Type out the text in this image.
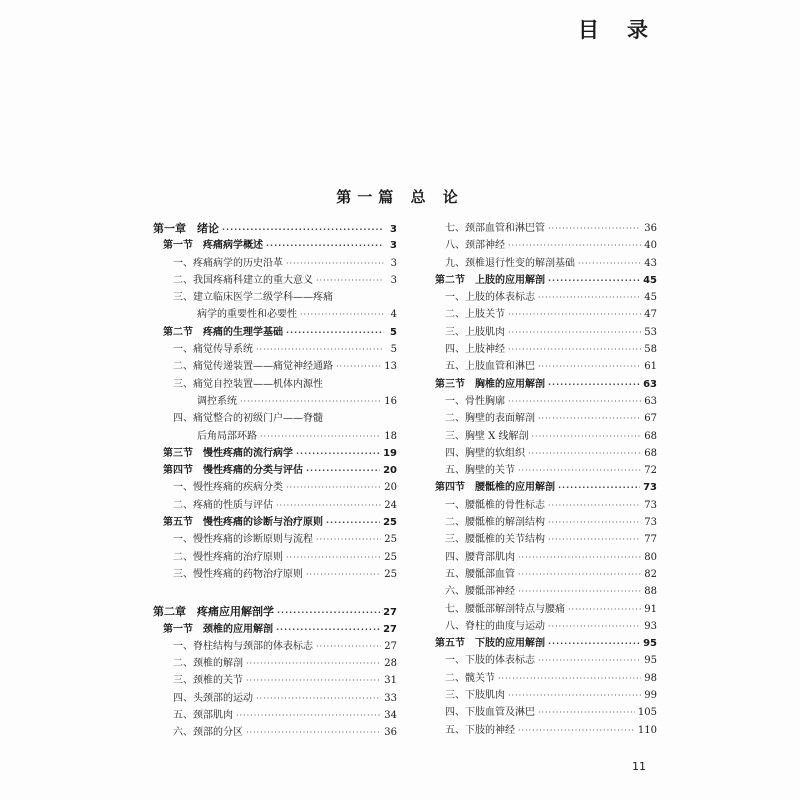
目录
第一篇 总 论
第一章　绪论 ·····	3
第一节　疼痛病学概述 ·····	3
一、疼痛病学的历史沿革 ·····	3
二、我国疼痛科建立的重大意义 ·····	3
三、建立临床医学二级学科——疼痛
病学的重要性和必要性 ·····	4
第二节　疼痛的生理学基础 ·····	5
一、痛觉传导系统 ·····	5
二、痛觉传递装置——痛觉神经通路 ·····	13
三、痛觉自控装置——机体内源性
调控系统 ·····	16
四、痛觉整合的初级门户——脊髓
后角局部环路 ·····	18
第三节　慢性疼痛的流行病学 ·····	19
第四节　慢性疼痛的分类与评估 ·····	20
一、慢性疼痛的疾病分类 ·····	20
二、疼痛的性质与评估 ·····	24
第五节　慢性疼痛的诊断与治疗原则 ·····	25
一、慢性疼痛的诊断原则与流程 ·····	25
二、慢性疼痛的治疗原则 ·····	25
三、慢性疼痛的药物治疗原则 ·····	25
第二章　疼痛应用解剖学 ·····	27
第一节　颈椎的应用解剖 ·····	27
一、脊柱结构与颈部的体表标志 ·····	27
二、颈椎的解剖 ·····	28
三、颈椎的关节 ·····	31
四、头颈部的运动 ·····	33
五、颈部肌肉 ·····	34
六、颈部的分区 ·····	36
七、颈部血管和淋巴管 ·····	36
八、颈部神经 ·····	40
九、颈椎退行性变的解剖基础 ·····	43
第二节　上肢的应用解剖 ·····	45
一、上肢的体表标志 ·····	45
二、上肢关节 ·····	47
三、上肢肌肉 ·····	53
四、上肢神经 ·····	58
五、上肢血管和淋巴 ·····	61
第三节　胸椎的应用解剖 ·····	63
一、骨性胸廓 ·····	63
二、胸壁的表面解剖 ·····	67
三、胸壁 X 线解剖 ·····	68
四、胸壁的软组织 ·····	68
五、胸壁的关节 ·····	72
第四节　腰骶椎的应用解剖 ·····	73
一、腰骶椎的骨性标志 ·····	73
二、腰骶椎的解剖结构 ·····	73
三、腰骶椎的关节结构 ·····	77
四、腰背部肌肉 ·····	80
五、腰骶部血管 ·····	82
六、腰骶部神经 ·····	88
七、腰骶部解剖特点与腰痛 ·····	91
八、脊柱的曲度与运动 ·····	93
第五节　下肢的应用解剖 ·····	95
一、下肢的体表标志 ·····	95
二、髋关节 ·····	98
三、下肢肌肉 ·····	99
四、下肢血管及淋巴 ·····	105
五、下肢的神经 ·····	110
11
